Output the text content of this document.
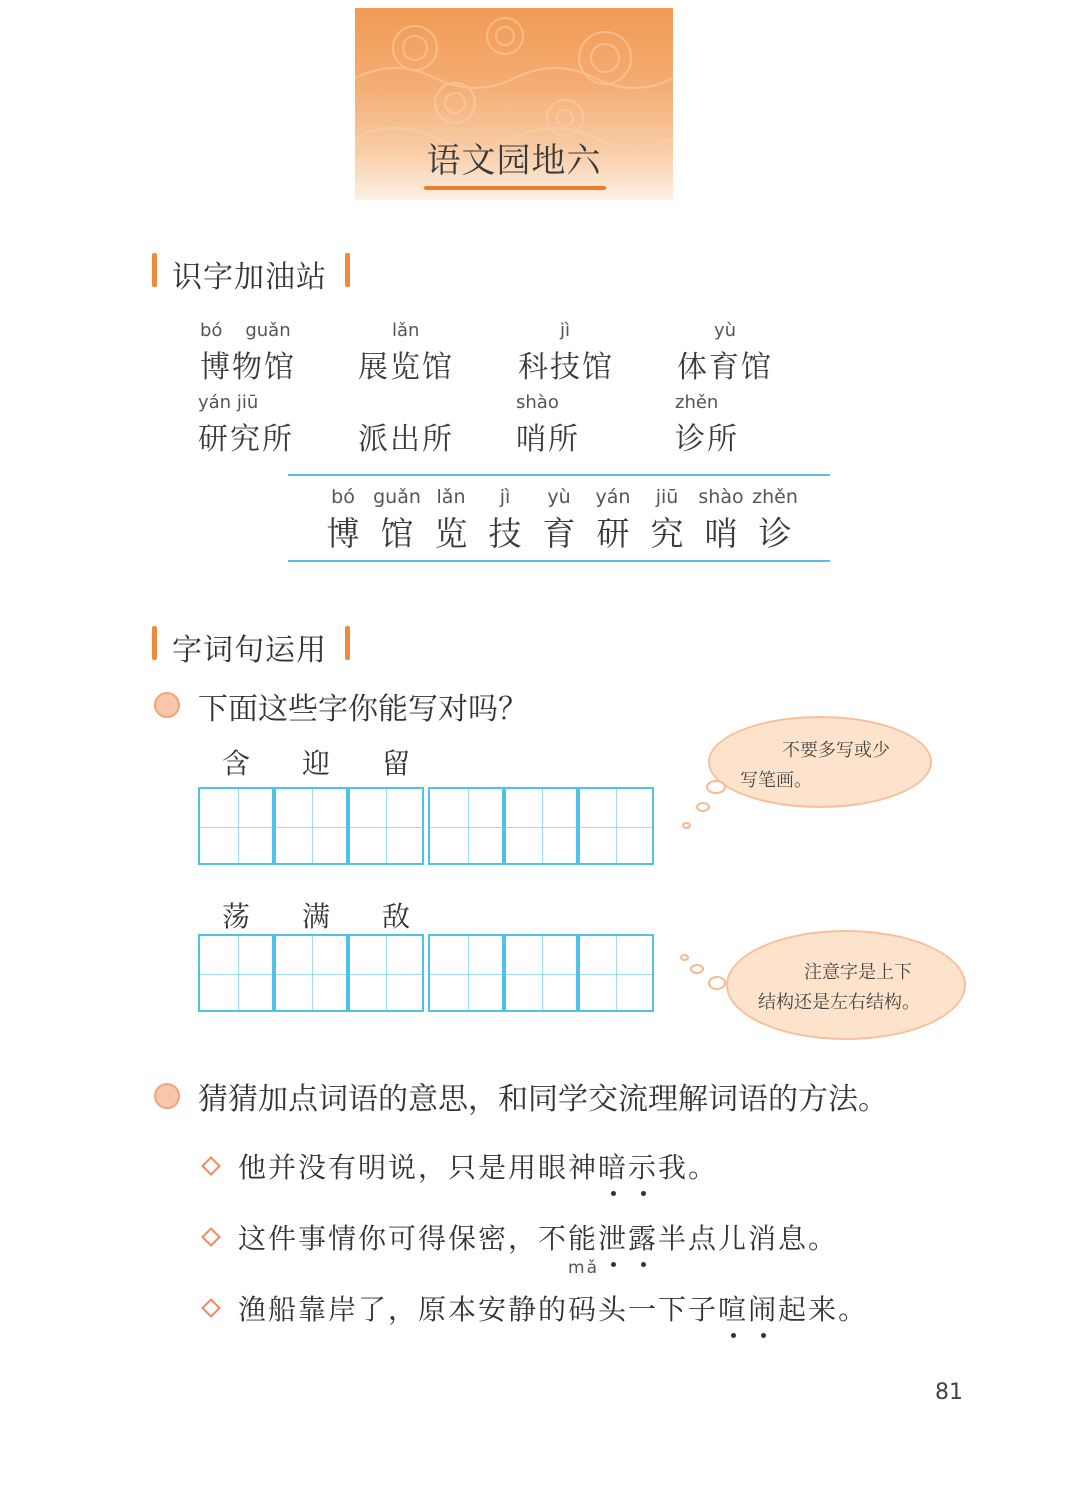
语文园地六
识字加油站
bó    guǎn
博物馆
lǎn
展览馆
jì
科技馆
yù
体育馆
yán jiū
研究所 派出所
shào
哨所
zhěn
诊所
bó
博
guǎn
馆
lǎn
览
jì
技
yù
育
yán
研
jiū
究
shào
哨
zhěn
诊
字词句运用
下面这些字你能写对吗？
含 迎 留	不要多写或少
写笔画。
荡 满 敌
注意字是上下
结构还是左右结构。
猜猜加点词语的意思，和同学交流理解词语的方法。
他并没有明说，只是用眼神暗示我。
这件事情你可得保密，不能泄露半点儿消息。
渔船靠岸了，原本安静的码
mǎ
头一下子喧闹起来。
81
